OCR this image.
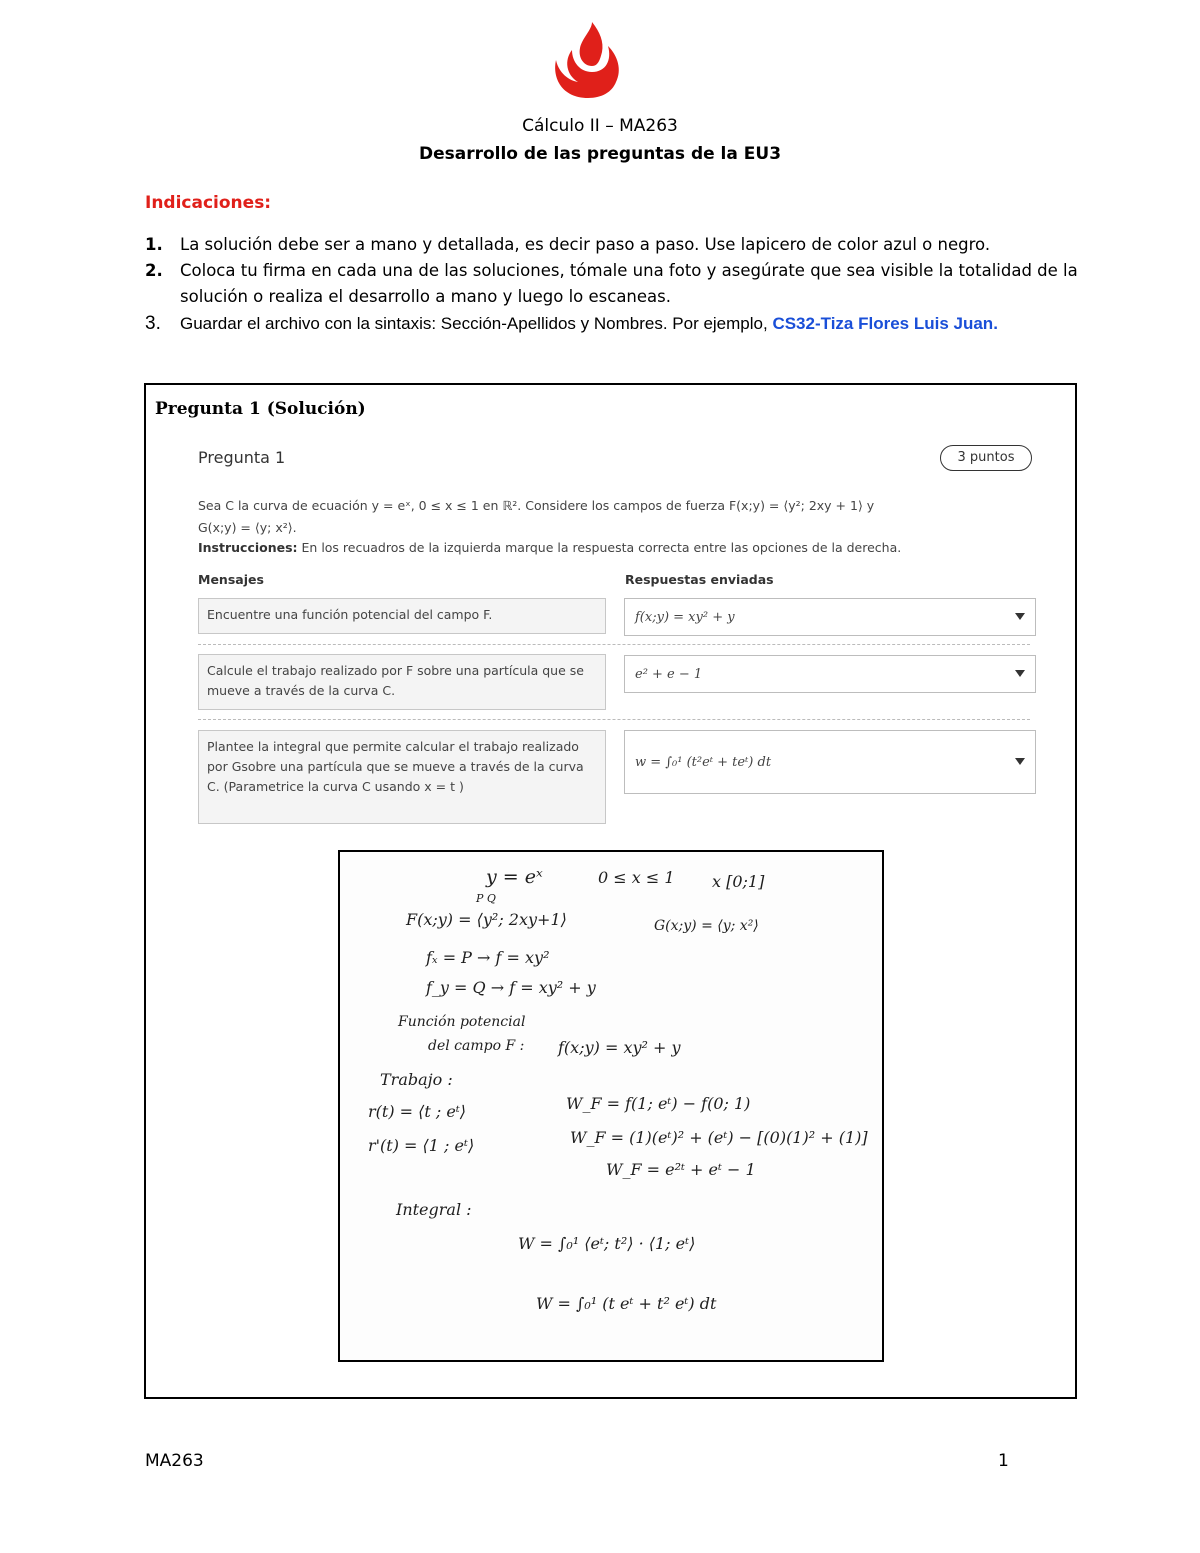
Cálculo II – MA263
Desarrollo de las preguntas de la EU3
Indicaciones:
1. La solución debe ser a mano y detallada, es decir paso a paso. Use lapicero de color azul o negro.
2. Coloca tu firma en cada una de las soluciones, tómale una foto y asegúrate que sea visible la totalidad de la solución o realiza el desarrollo a mano y luego lo escaneas.
3. Guardar el archivo con la sintaxis: Sección-Apellidos y Nombres. Por ejemplo, CS32-Tiza Flores Luis Juan.
Pregunta 1 (Solución)
Pregunta 1	3 puntos
Sea C la curva de ecuación y = eˣ, 0 ≤ x ≤ 1 en ℝ². Considere los campos de fuerza F(x;y) = ⟨y²; 2xy + 1⟩ y
G(x;y) = ⟨y; x²⟩.
Instrucciones: En los recuadros de la izquierda marque la respuesta correcta entre las opciones de la derecha.
Mensajes	Respuestas enviadas
Encuentre una función potencial del campo F.	f(x;y) = xy² + y
Calcule el trabajo realizado por F sobre una partícula que se mueve a través de la curva C.
e² + e − 1
Plantee la integral que permite calcular el trabajo realizado por Gsobre una partícula que se mueve a través de la curva C. (Parametrice la curva C usando x = t )
w = ∫₀¹ (t²eᵗ + teᵗ) dt
y = eˣ	0 ≤ x ≤ 1 x [0;1]
P Q
F(x;y) = ⟨y²; 2xy+1⟩	G(x;y) = ⟨y; x²⟩
fₓ = P → f = xy²
f_y = Q → f = xy² + y
Función potencial
del campo F : f(x;y) = xy² + y
Trabajo :
r(t) = ⟨t ; eᵗ⟩
r'(t) = ⟨1 ; eᵗ⟩
W_F = f(1; eᵗ) − f(0; 1)
W_F = (1)(eᵗ)² + (eᵗ) − [(0)(1)² + (1)]
W_F = e²ᵗ + eᵗ − 1
Integral :
W = ∫₀¹ ⟨eᵗ; t²⟩ · ⟨1; eᵗ⟩
W = ∫₀¹ (t eᵗ + t² eᵗ) dt
MA263	1
